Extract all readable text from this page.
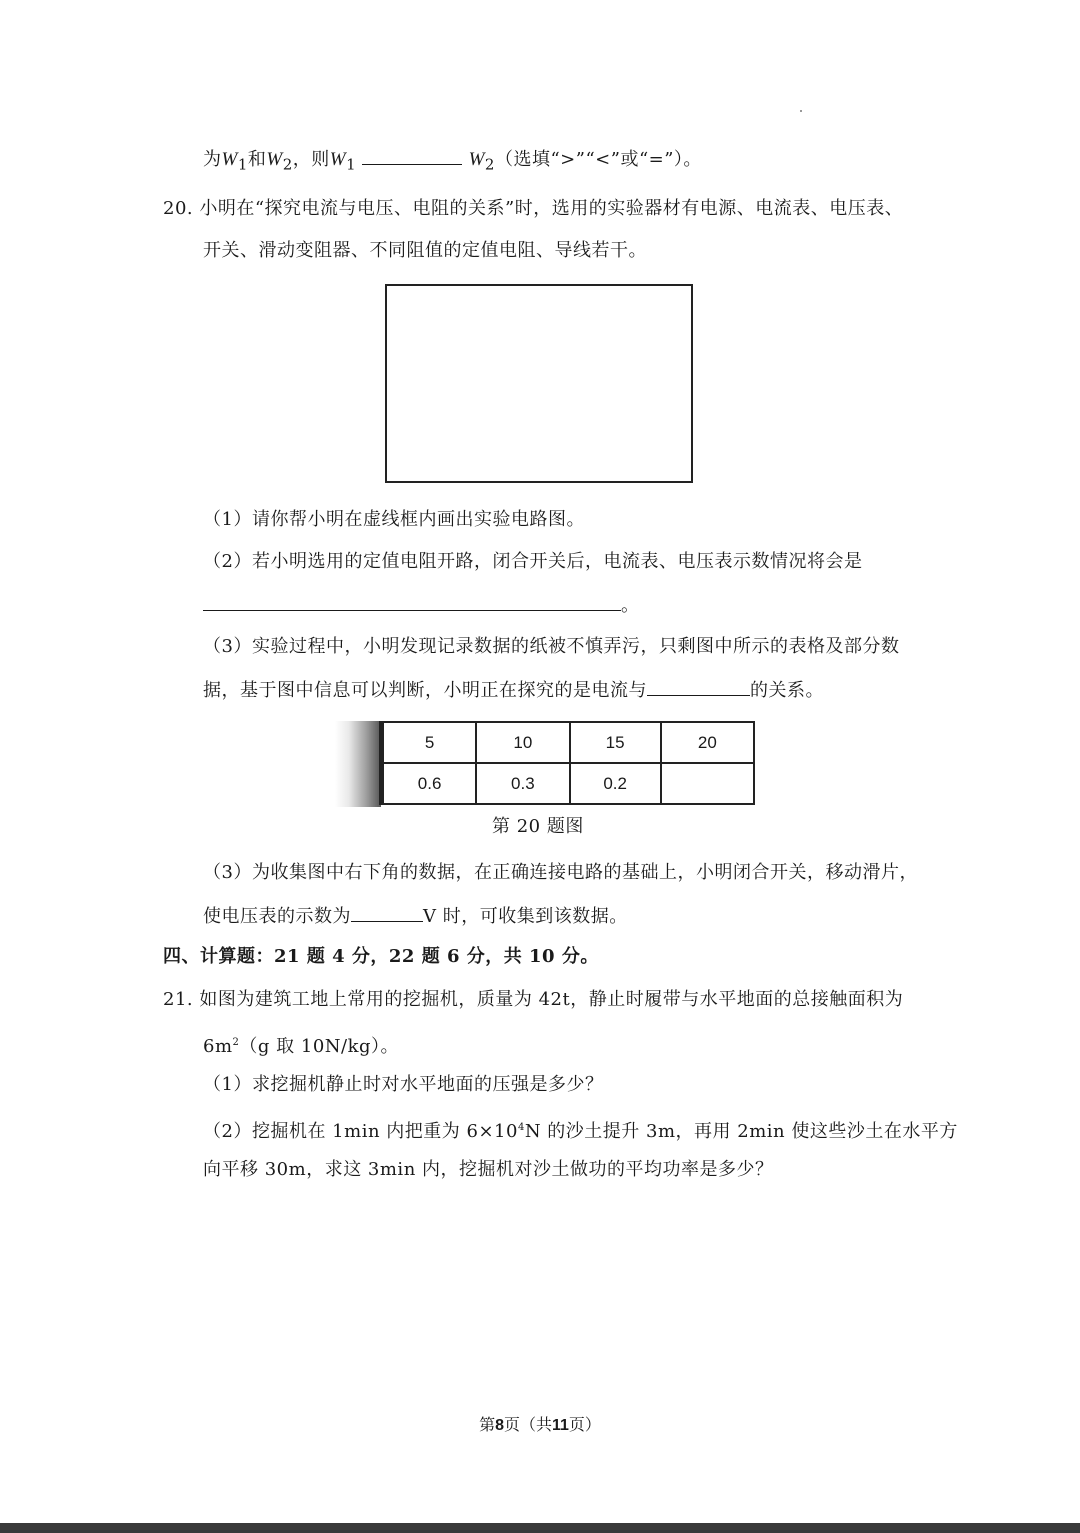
为$W_1$和$W_2$，则$W_1$	$W_2$（选填“>”“<”或“=”）。
20. 小明在“探究电流与电压、电阻的关系”时，选用的实验器材有电源、电流表、电压表、
开关、滑动变阻器、不同阻值的定值电阻、导线若干。
（1）请你帮小明在虚线框内画出实验电路图。
（2）若小明选用的定值电阻开路，闭合开关后，电流表、电压表示数情况将会是
。
（3）实验过程中，小明发现记录数据的纸被不慎弄污，只剩图中所示的表格及部分数
据，基于图中信息可以判断，小明正在探究的是电流与	的关系。
	5	10	15	20
	0.6	0.3	0.2	
第 20 题图
（3）为收集图中右下角的数据，在正确连接电路的基础上，小明闭合开关，移动滑片，
使电压表的示数为	V 时，可收集到该数据。
四、计算题：21 题 4 分，22 题 6 分，共 10 分。
21. 如图为建筑工地上常用的挖掘机，质量为 42t，静止时履带与水平地面的总接触面积为
$6m^2(g$ 取 10N/kg）。
（1）求挖掘机静止时对水平地面的压强是多少？
（2）挖掘机在 1min 内把重为 $6\times 10^4N$ 的沙土提升 3m，再用 2min 使这些沙土在水平方
向平移 30m，求这 3min 内，挖掘机对沙土做功的平均功率是多少？
第8页（共11页）
